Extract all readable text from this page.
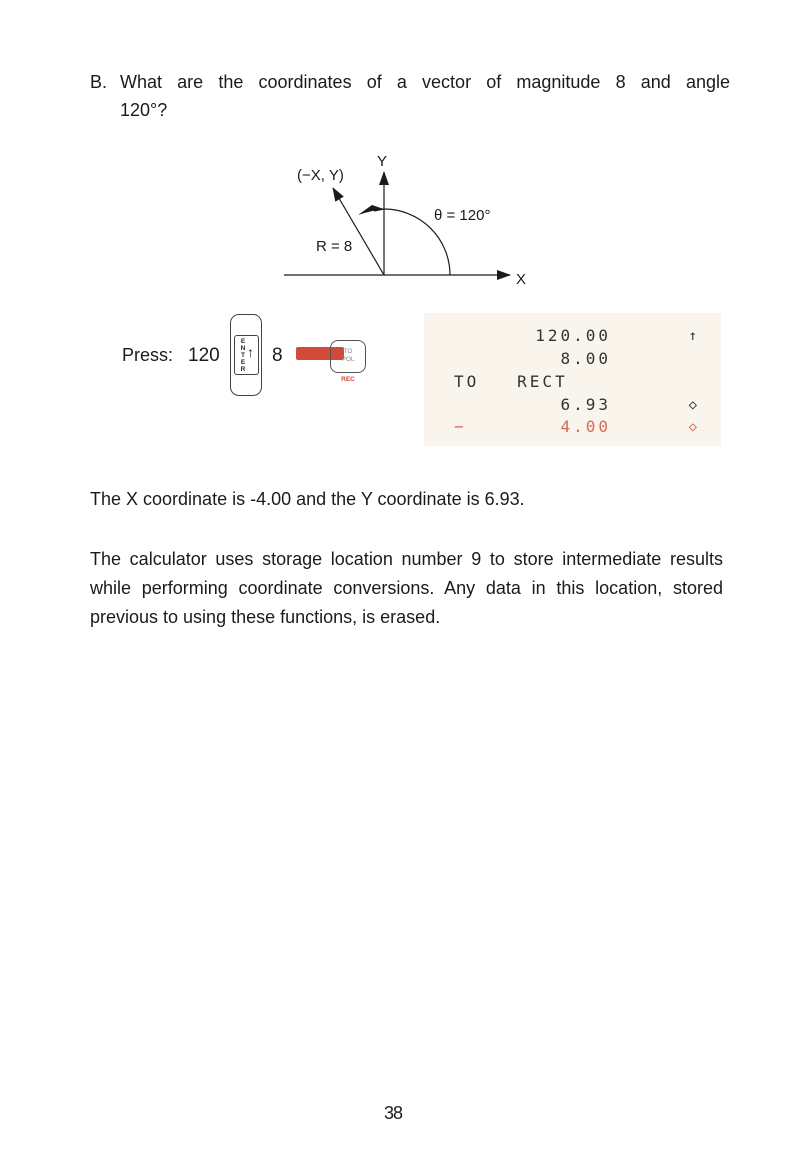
B. What are the coordinates of a vector of magnitude 8 and angle
120°?
Y
X
(−X, Y)
θ = 120°
R = 8
Press: 120
E
N
T
E
R
↑ 8	TO
POL
REC
120.00	↑
8.00
TO   RECT
6.93	◇
−	4.00	◇
The X coordinate is -4.00 and the Y coordinate is 6.93.
The calculator uses storage location number 9 to store intermediate results while performing coordinate conversions. Any data in this location, stored previous to using these functions, is erased.
38
